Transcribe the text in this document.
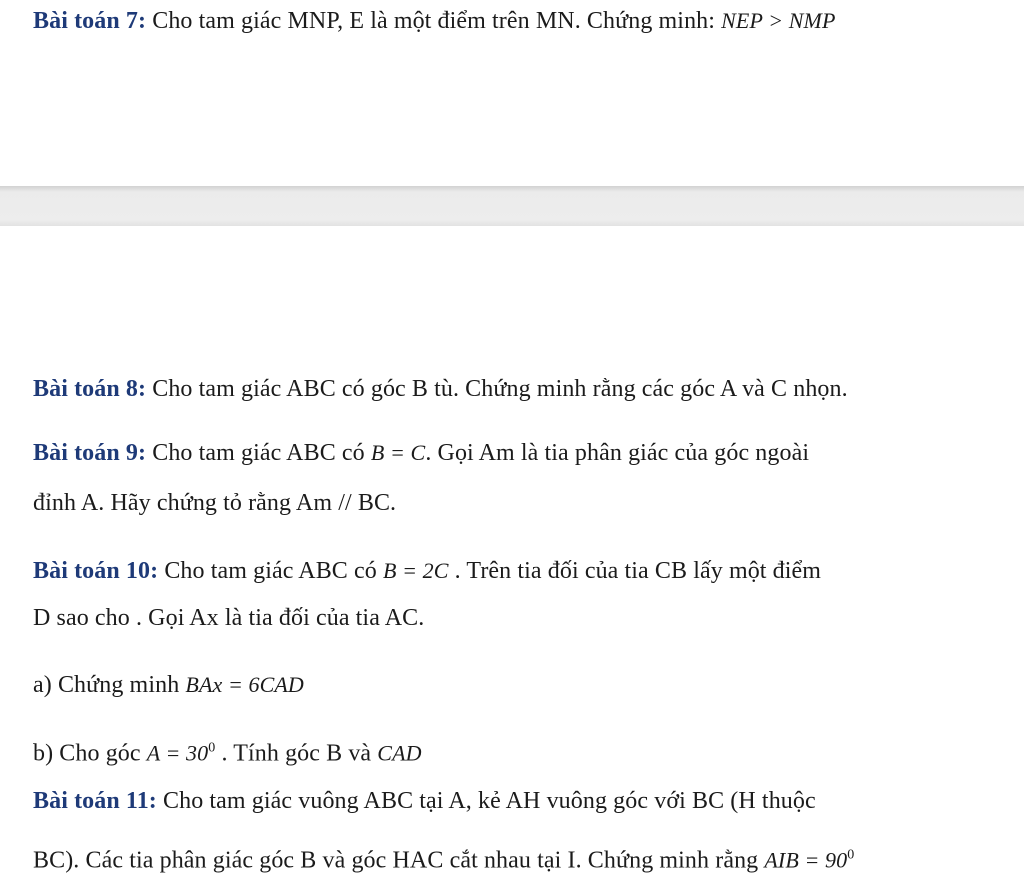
Bài toán 7: Cho tam giác MNP, E là một điểm trên MN. Chứng minh: NEP > NMP
Bài toán 8: Cho tam giác ABC có góc B tù. Chứng minh rằng các góc A và C nhọn.
Bài toán 9: Cho tam giác ABC có B = C. Gọi Am là tia phân giác của góc ngoài
đỉnh A. Hãy chứng tỏ rằng Am // BC.
Bài toán 10: Cho tam giác ABC có B = 2C . Trên tia đối của tia CB lấy một điểm
D sao cho . Gọi Ax là tia đối của tia AC.
a) Chứng minh BAx = 6CAD
b) Cho góc $A = 30^0$ . Tính góc B và CAD
Bài toán 11: Cho tam giác vuông ABC tại A, kẻ AH vuông góc với BC (H thuộc
BC). Các tia phân giác góc B và góc HAC cắt nhau tại I. Chứng minh rằng AIB = $90^0$
